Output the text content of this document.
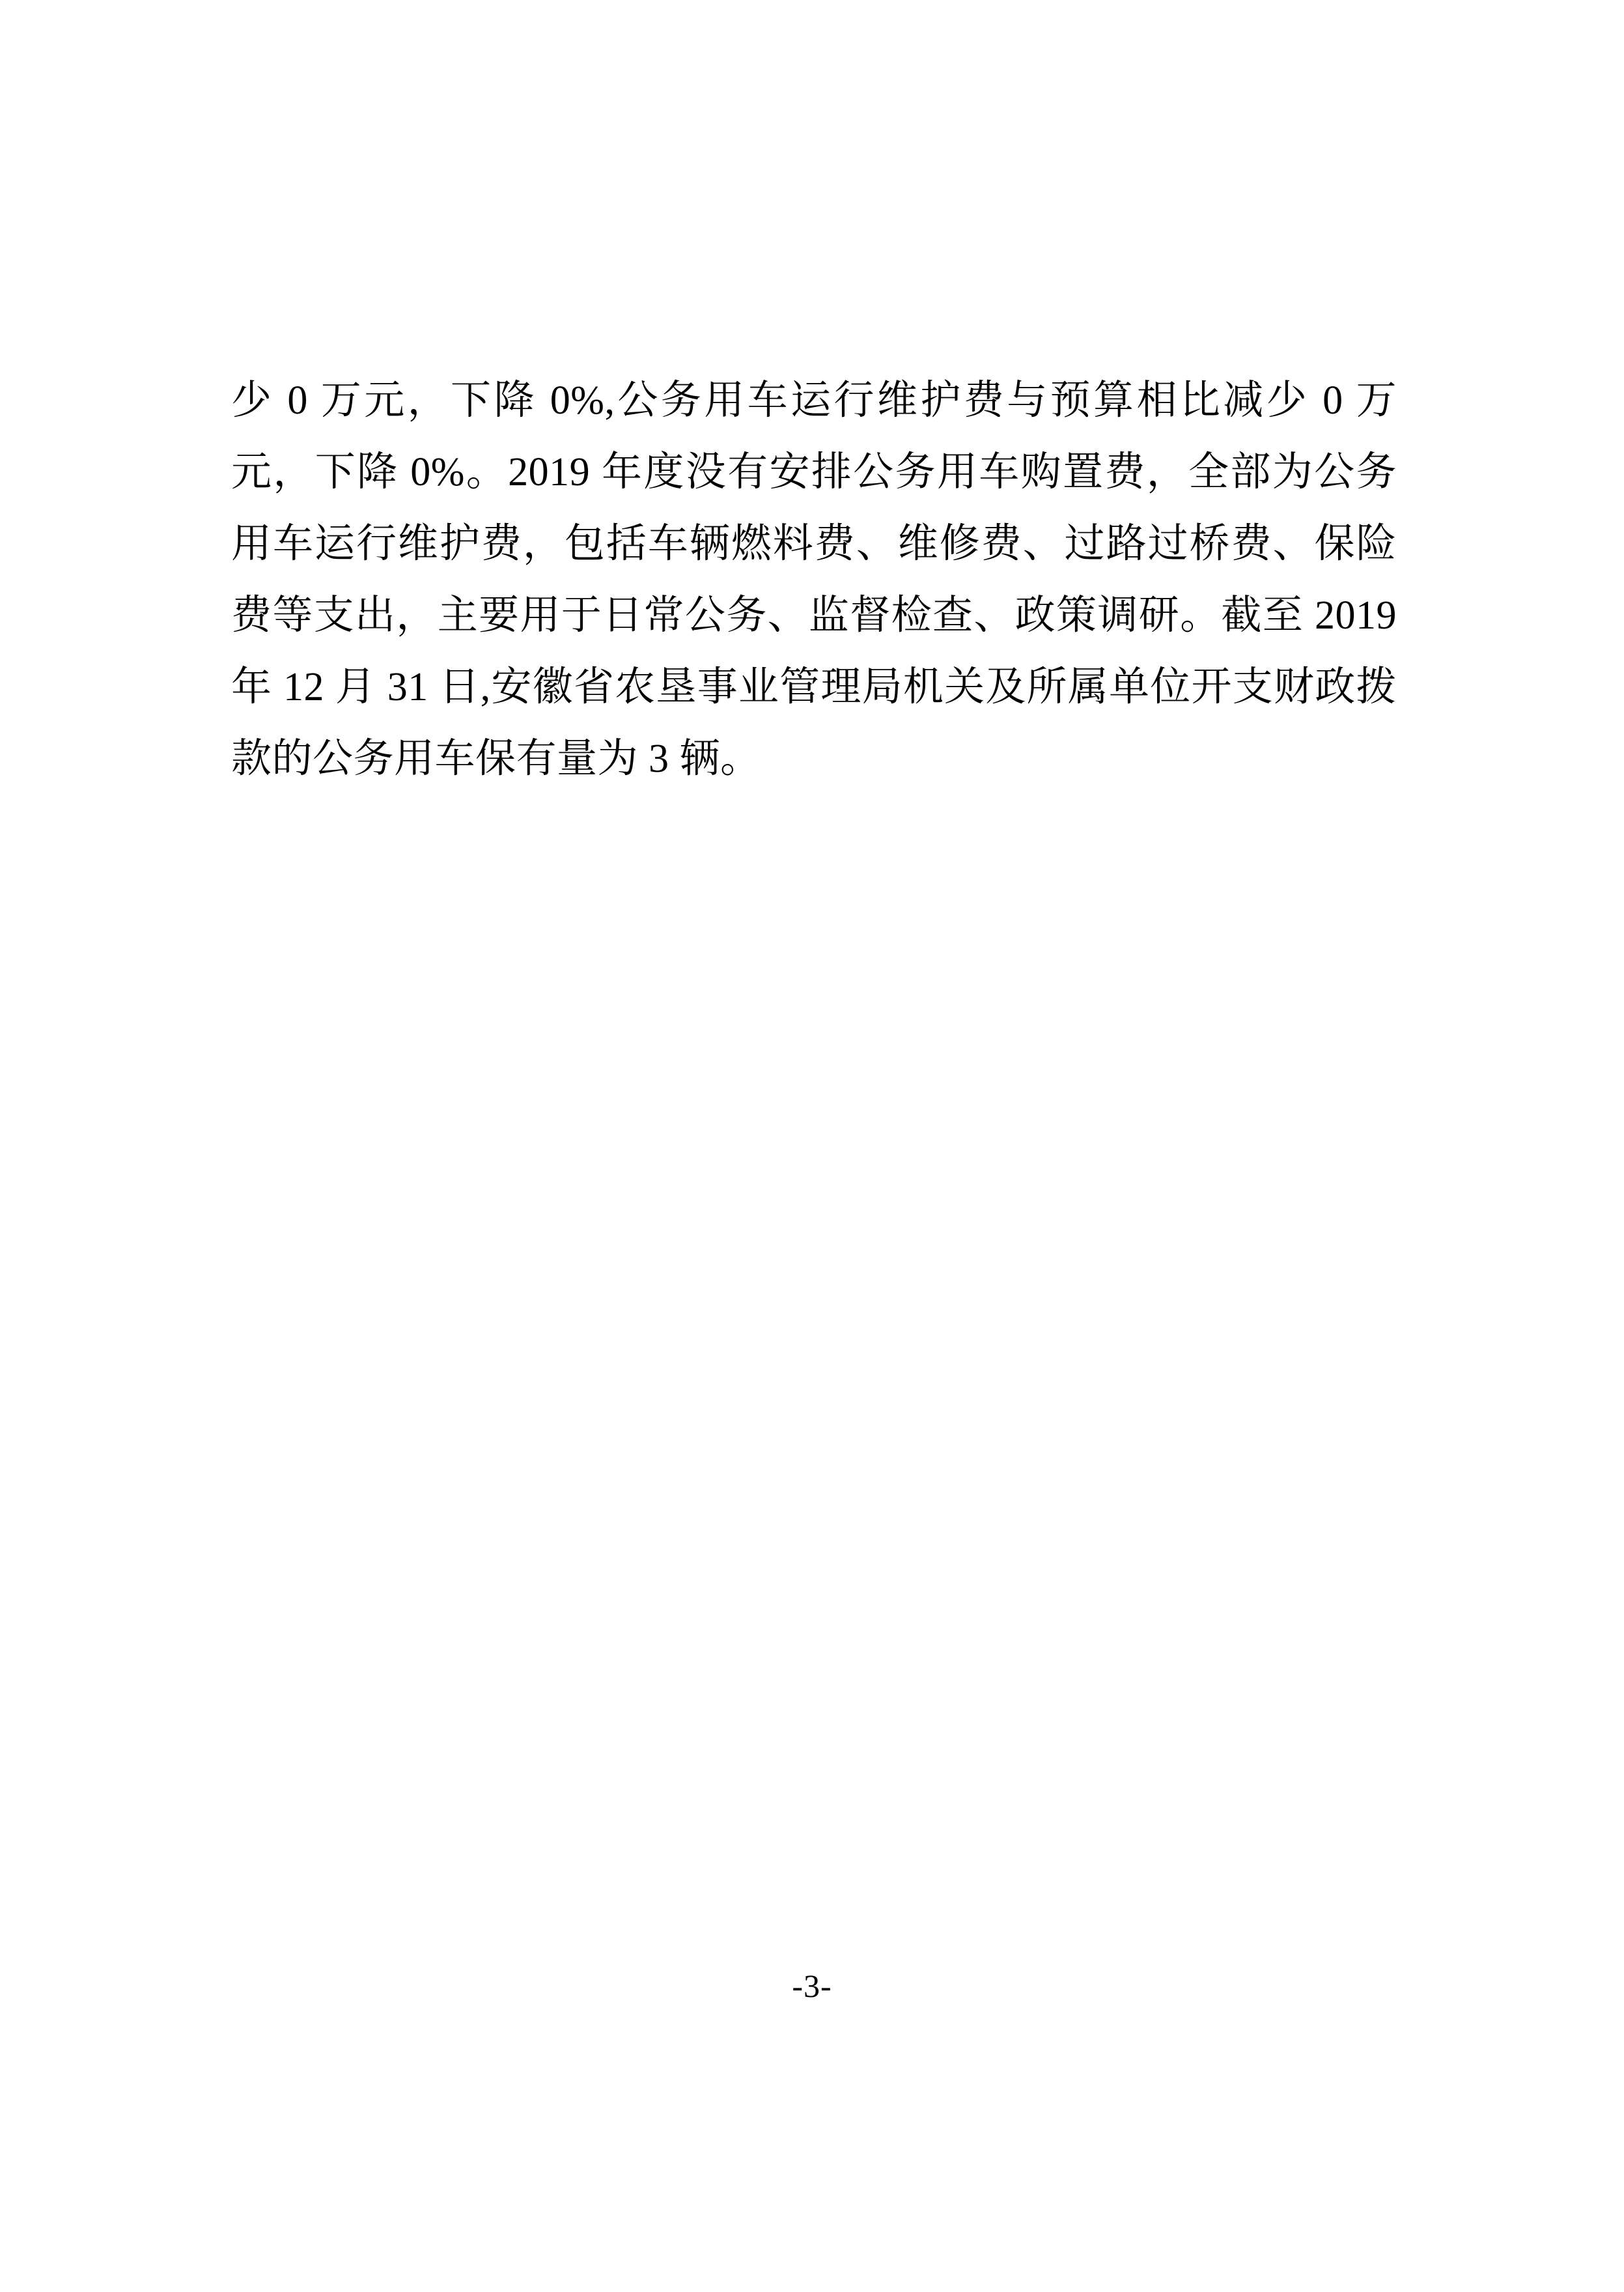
少 0 万元，下降 0%,公务用车运行维护费与预算相比减少 0 万元，下降 0%。2019 年度没有安排公务用车购置费，全部为公务用车运行维护费，包括车辆燃料费、维修费、过路过桥费、保险费等支出，主要用于日常公务、监督检查、政策调研。截至 2019 年 12 月 31 日,安徽省农垦事业管理局机关及所属单位开支财政拨款的公务用车保有量为 3 辆。

-3-
